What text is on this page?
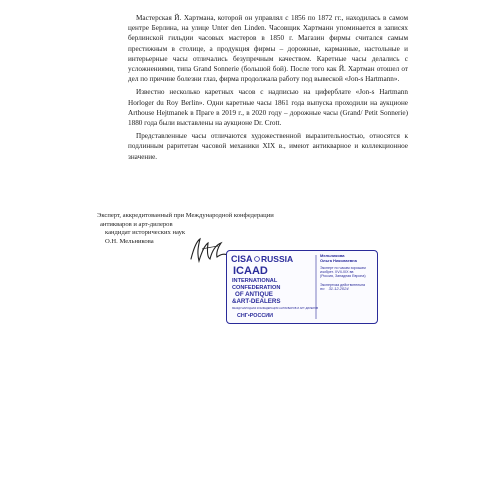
Мастерская Й. Хартмана, которой он управлял с 1856 по 1872 гг., находилась в самом центре Берлина, на улице Unter den Linden. Часовщик Хартманн упоминается в записях берлинской гильдии часовых мастеров в 1850 г. Магазин фирмы считался самым престижным в столице, а продукция фирмы – дорожные, карманные, настольные и интерьерные часы отличались безупречным качеством. Каретные часы делались с усложнениями, типа Grand Sonnerie (большой бой). После того как Й. Хартман отошел от дел по причине болезни глаз, фирма продолжала работу под вывеской «Jon-s Hartmann».

Известно несколько каретных часов с надписью на циферблате «Jon-s Hartmann Horloger du Roy Berlin». Одни каретные часы 1861 года выпуска проходили на аукционе Arthouse Hejtmanek в Праге в 2019 г., в 2020 году – дорожные часы (Grand/ Petit Sonnerie) 1880 года были выставлены на аукционе Dr. Crott.

Представленные часы отличаются художественной выразительностью, относятся к подлинным раритетам часовой механики XIX в., имеют антикварное и коллекционное значение.

Эксперт, аккредитованный при Международной конфедерации
антикваров и арт-дилеров
кандидат исторических наук
О.Н. Мельникова
CISA RUSSIA
ICAAD
INTERNATIONAL
CONFEDERATION
OF ANTIQUE
&ART-DEALERS
МЕЖДУНАРОДНАЯ КОНФЕДЕРАЦИЯ АНТИКВАРОВ И АРТ-ДИЛЕРОВ
СНГ•РОССИИ
Мельникова
Ольга Николаевна
Эксперт по часам хорошим
изобрет. XVII-XIX вв
(Россия, Западная Европа)
Экспертиза действительна
по 31.12.2024
